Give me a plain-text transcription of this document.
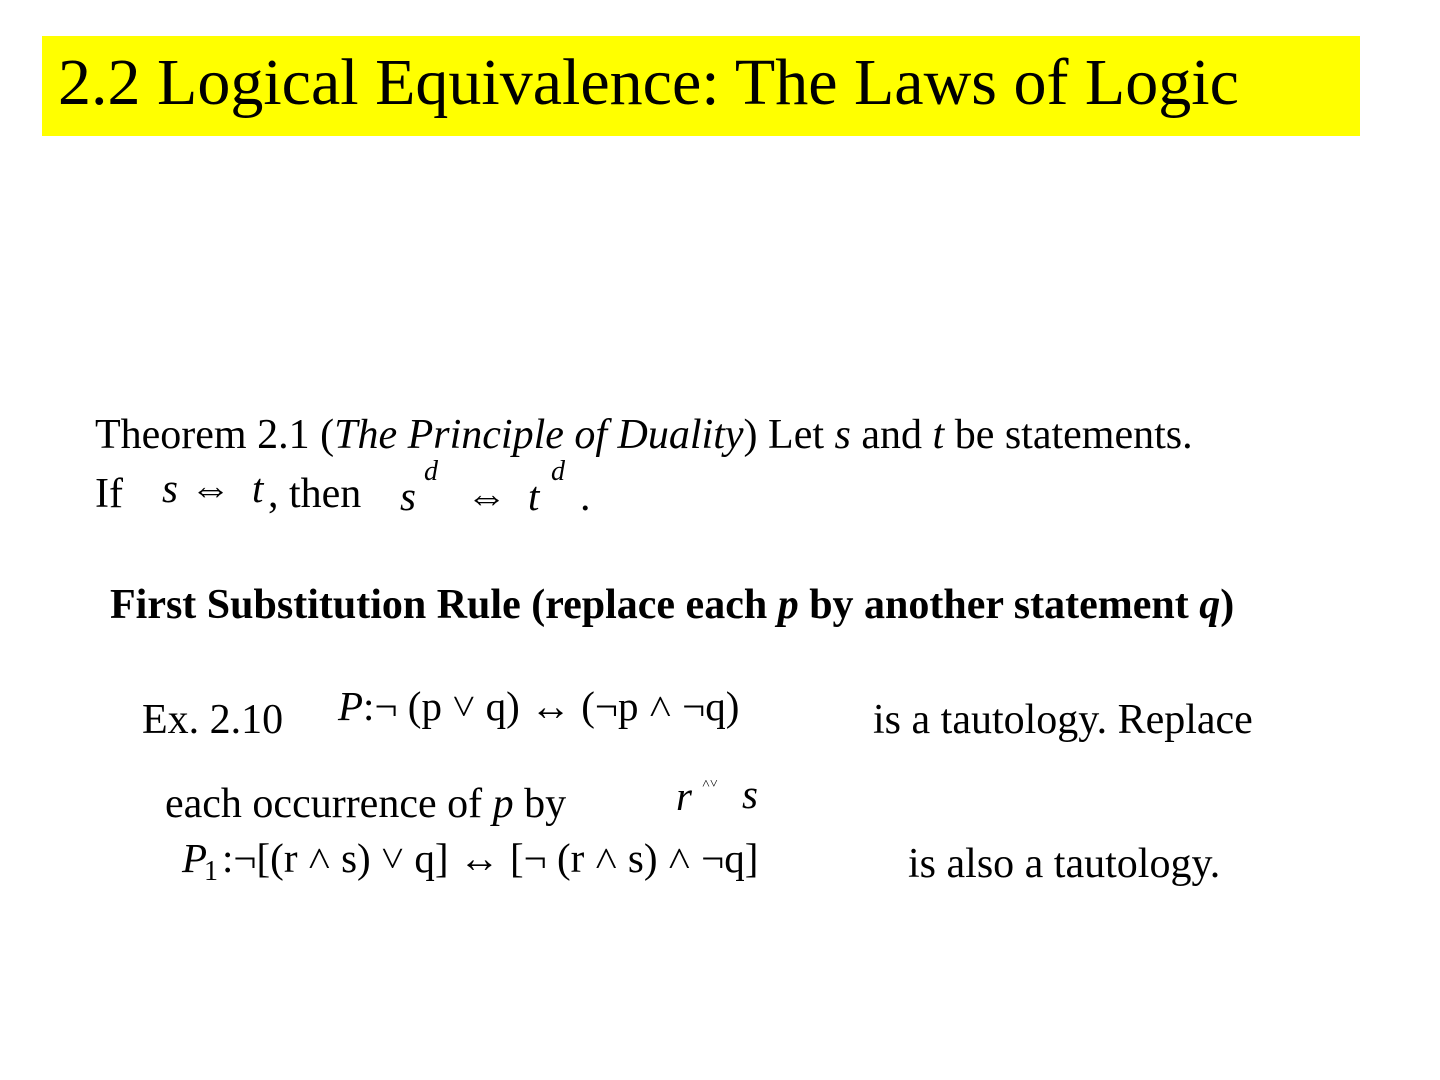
2.2 Logical Equivalence: The Laws of Logic
Theorem 2.1 (The Principle of Duality) Let s and t be statements.
If s ⇔ t , then s
d
⇔ t
d
.
First Substitution Rule (replace each p by another statement q)
Ex. 2.10 P:¬ (p ˅ q) ↔ (¬p ˄ ¬q)	is a tautology. Replace
each occurrence of p by	r ˄˅ s
P
1 :¬[(r ˄ s) ˅ q] ↔ [¬ (r ˄ s) ˄ ¬q]	is also a tautology.
